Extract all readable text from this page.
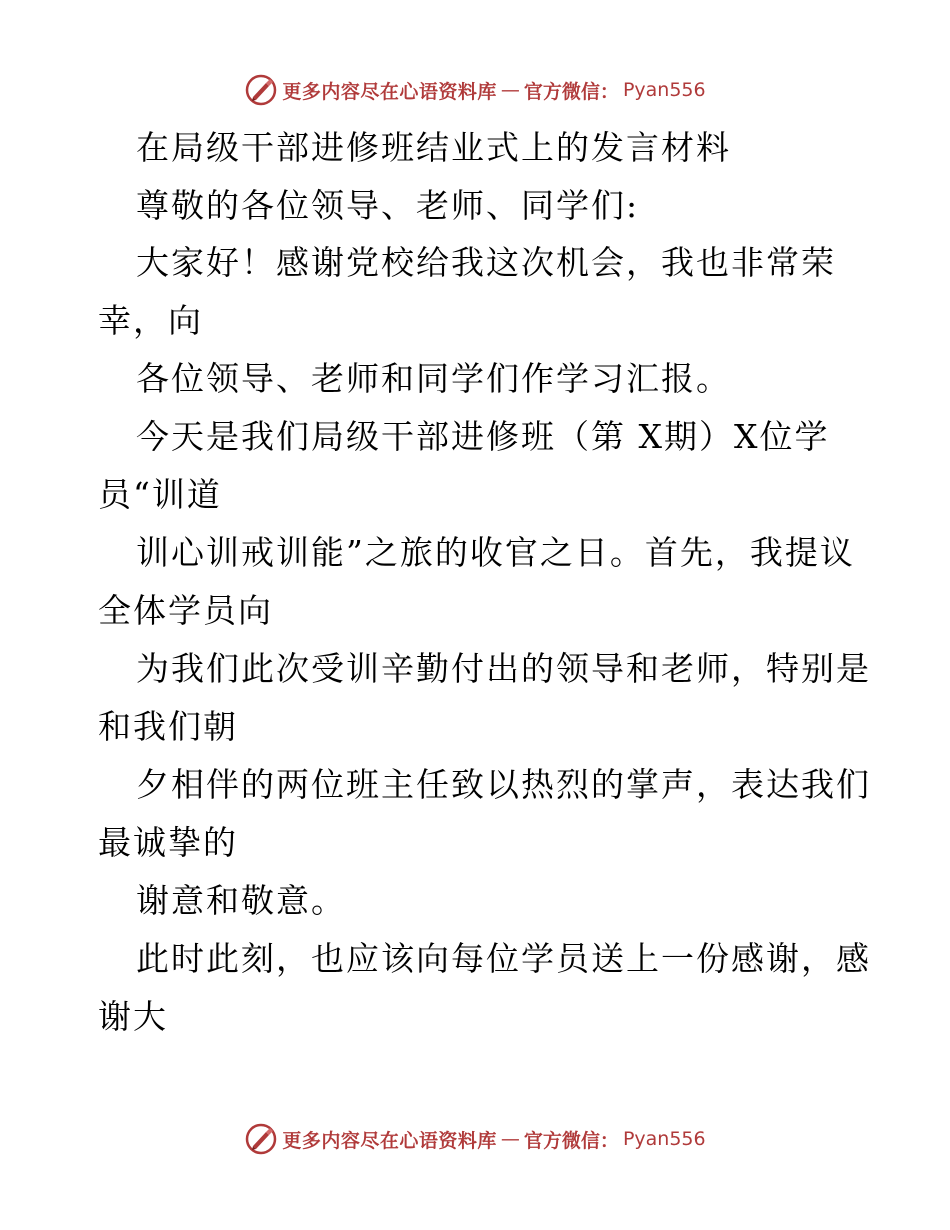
更多内容尽在心语资料库 — 官方微信： Pyan556
在局级干部进修班结业式上的发言材料
尊敬的各位领导、老师、同学们:
大家好！感谢党校给我这次机会，我也非常荣
幸，向
各位领导、老师和同学们作学习汇报。
今天是我们局级干部进修班（第 X期）X位学
员“训道
训心训戒训能”之旅的收官之日。首先，我提议
全体学员向
为我们此次受训辛勤付出的领导和老师，特别是
和我们朝
夕相伴的两位班主任致以热烈的掌声，表达我们
最诚挚的
谢意和敬意。
此时此刻，也应该向每位学员送上一份感谢，感
谢大
更多内容尽在心语资料库 — 官方微信： Pyan556
